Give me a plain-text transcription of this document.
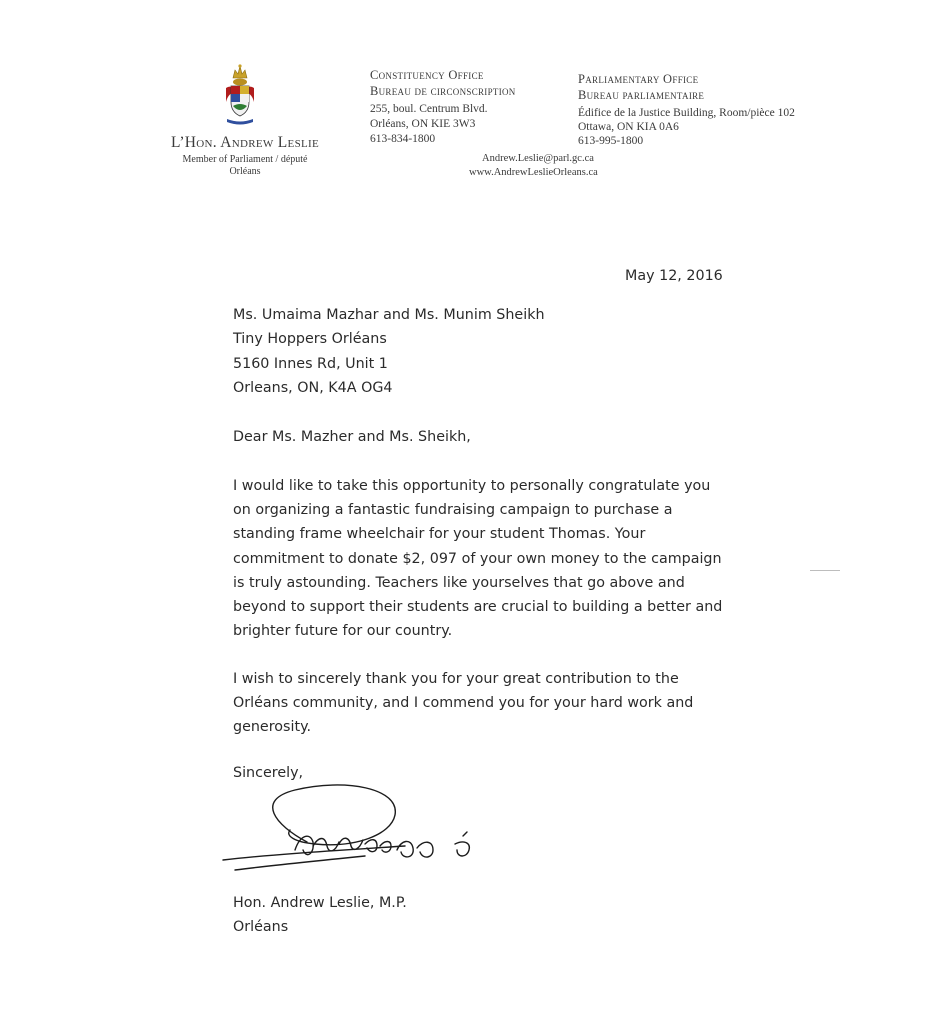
L’Hon. Andrew Leslie
Member of Parliament / député
Orléans
Constituency Office
Bureau de circonscription
255, boul. Centrum Blvd.
Orléans, ON KIE 3W3
613-834-1800
Parliamentary Office
Bureau parliamentaire
Édifice de la Justice Building, Room/pièce 102
Ottawa, ON KIA 0A6
613-995-1800
Andrew.Leslie@parl.gc.ca
www.AndrewLeslieOrleans.ca
May 12, 2016
Ms. Umaima Mazhar and Ms. Munim Sheikh
Tiny Hoppers Orléans
5160 Innes Rd, Unit 1
Orleans, ON, K4A OG4
Dear Ms. Mazher and Ms. Sheikh,
I would like to take this opportunity to personally congratulate you
on organizing a fantastic fundraising campaign to purchase a
standing frame wheelchair for your student Thomas. Your
commitment to donate $2, 097 of your own money to the campaign
is truly astounding. Teachers like yourselves that go above and
beyond to support their students are crucial to building a better and
brighter future for our country.
I wish to sincerely thank you for your great contribution to the
Orléans community, and I commend you for your hard work and
generosity.
Sincerely,
Hon. Andrew Leslie, M.P.
Orléans
